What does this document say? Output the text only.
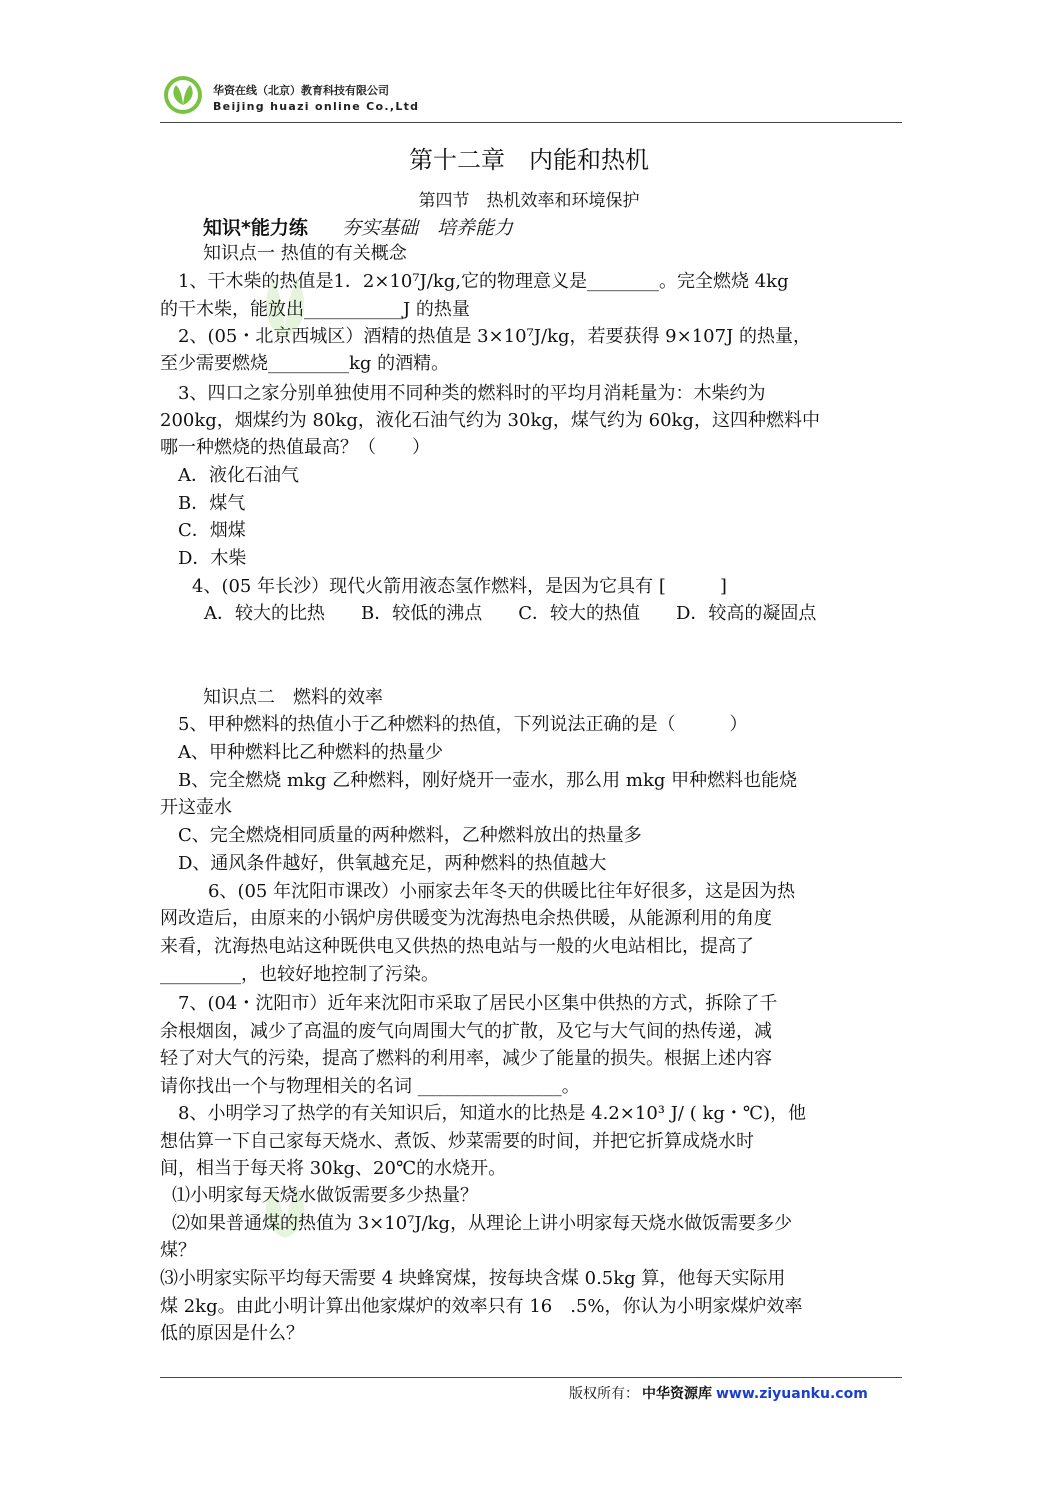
华资在线（北京）教育科技有限公司
Beijing huazi online Co.,Ltd
第十二章　内能和热机
第四节　热机效率和环境保护
知识*能力练 夯实基础　培养能力
知识点一 热值的有关概念
1、干木柴的热值是1．2×10⁷J/kg,它的物理意义是________。完全燃烧 4kg
的干木柴，能放出___________J 的热量
2、(05・北京西城区）酒精的热值是 3×10⁷J/kg，若要获得 9×107J 的热量，
至少需要燃烧_________kg 的酒精。
3、四口之家分别单独使用不同种类的燃料时的平均月消耗量为：木柴约为
200kg，烟煤约为 80kg，液化石油气约为 30kg，煤气约为 60kg，这四种燃料中
哪一种燃烧的热值最高？（　　）
A．液化石油气
B．煤气
C．烟煤
D．木柴
4、(05 年长沙）现代火箭用液态氢作燃料，是因为它具有 [　　　]
A．较大的比热　　B．较低的沸点　　C．较大的热值　　D．较高的凝固点
知识点二　燃料的效率
5、甲种燃料的热值小于乙种燃料的热值，下列说法正确的是（　　　）
A、甲种燃料比乙种燃料的热量少
B、完全燃烧 mkg 乙种燃料，刚好烧开一壶水，那么用 mkg 甲种燃料也能烧
开这壶水
C、完全燃烧相同质量的两种燃料，乙种燃料放出的热量多
D、通风条件越好，供氧越充足，两种燃料的热值越大
6、(05 年沈阳市课改）小丽家去年冬天的供暖比往年好很多，这是因为热
网改造后，由原来的小锅炉房供暖变为沈海热电余热供暖，从能源利用的角度
来看，沈海热电站这种既供电又供热的热电站与一般的火电站相比，提高了
_________，也较好地控制了污染。
7、(04・沈阳市）近年来沈阳市采取了居民小区集中供热的方式，拆除了千
余根烟囱，减少了高温的废气向周围大气的扩散，及它与大气间的热传递，减
轻了对大气的污染，提高了燃料的利用率，减少了能量的损失。根据上述内容
请你找出一个与物理相关的名词 ________________。
8、小明学习了热学的有关知识后，知道水的比热是 4.2×10³ J/ ( kg・℃)，他
想估算一下自己家每天烧水、煮饭、炒菜需要的时间，并把它折算成烧水时
间，相当于每天将 30kg、20℃的水烧开。
⑴小明家每天烧水做饭需要多少热量？
⑵如果普通煤的热值为 3×10⁷J/kg，从理论上讲小明家每天烧水做饭需要多少
煤？
⑶小明家实际平均每天需要 4 块蜂窝煤，按每块含煤 0.5kg 算，他每天实际用
煤 2kg。由此小明计算出他家煤炉的效率只有 16　.5%，你认为小明家煤炉效率
低的原因是什么？
版权所有： 中华资源库 www.ziyuanku.com
